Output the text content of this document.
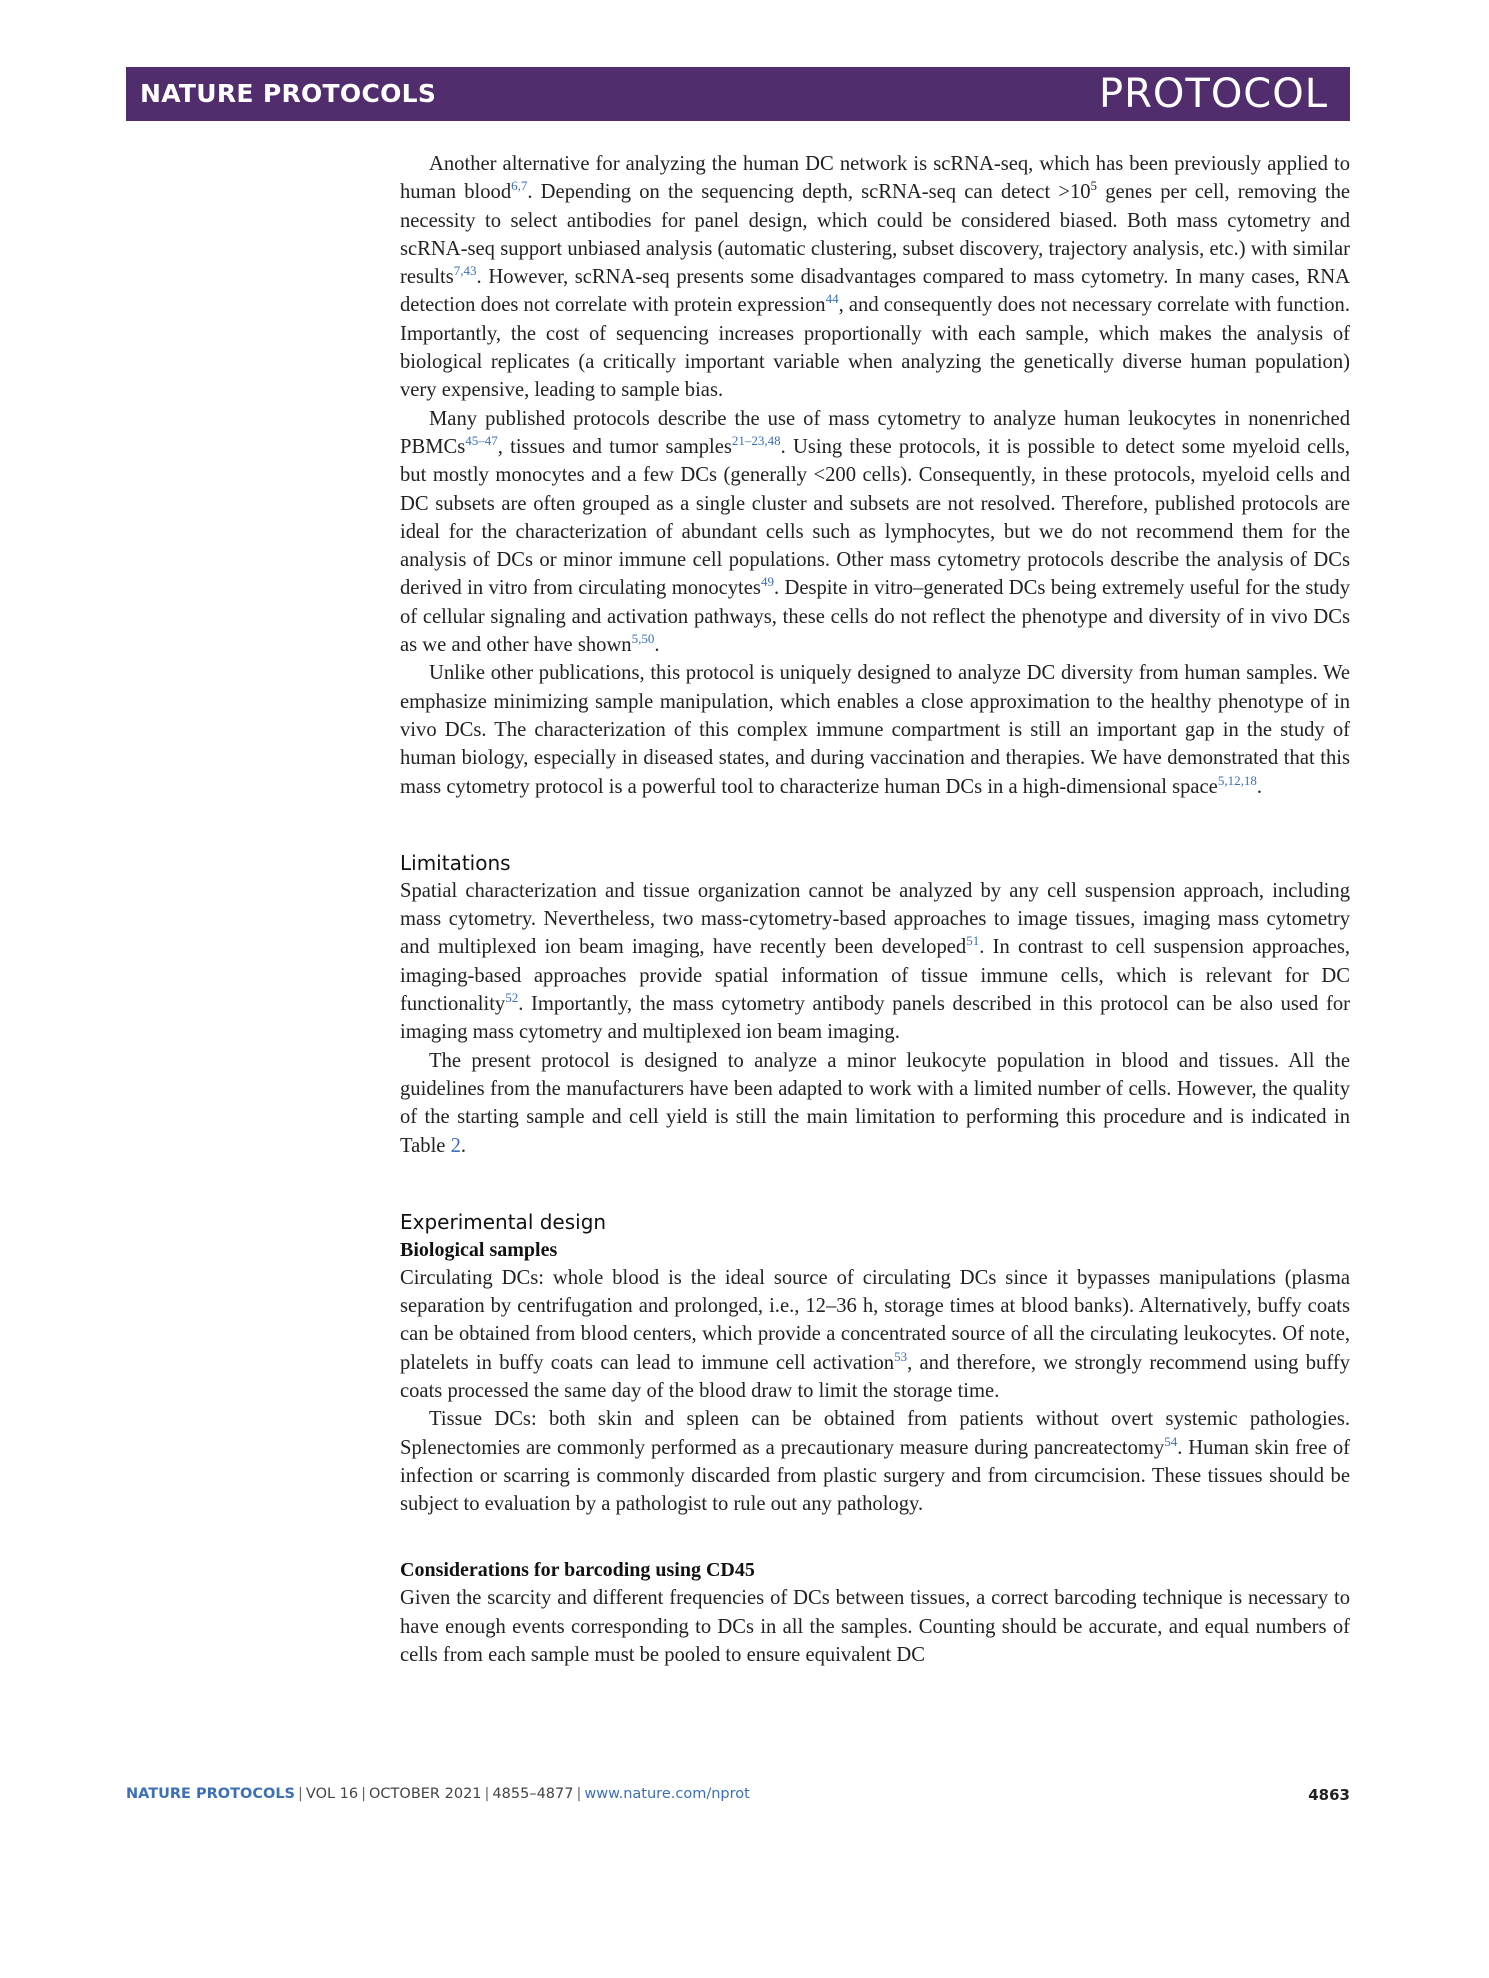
NATURE PROTOCOLS	PROTOCOL

Another alternative for analyzing the human DC network is scRNA-seq, which has been previously applied to human blood$^{6,7}$. Depending on the sequencing depth, scRNA-seq can detect $>10^5$ genes per cell, removing the necessity to select antibodies for panel design, which could be considered biased. Both mass cytometry and scRNA-seq support unbiased analysis (automatic clustering, subset discovery, trajectory analysis, etc.) with similar results$^{7,43}$. However, scRNA-seq presents some disadvantages compared to mass cytometry. In many cases, RNA detection does not correlate with protein expression$^{44}$, and consequently does not necessary correlate with function. Importantly, the cost of sequencing increases proportionally with each sample, which makes the analysis of biological replicates (a critically important variable when analyzing the genetically diverse human population) very expensive, leading to sample bias.

Many published protocols describe the use of mass cytometry to analyze human leukocytes in nonenriched PBMCs$^{45-47}$, tissues and tumor samples$^{21-23,48}$. Using these protocols, it is possible to detect some myeloid cells, but mostly monocytes and a few DCs (generally <200 cells). Consequently, in these protocols, myeloid cells and DC subsets are often grouped as a single cluster and subsets are not resolved. Therefore, published protocols are ideal for the characterization of abundant cells such as lymphocytes, but we do not recommend them for the analysis of DCs or minor immune cell populations. Other mass cytometry protocols describe the analysis of DCs derived in vitro from circulating monocytes$^{49}$. Despite in vitro–generated DCs being extremely useful for the study of cellular signaling and activation pathways, these cells do not reflect the phenotype and diversity of in vivo DCs as we and other have shown$^{5,50}$.

Unlike other publications, this protocol is uniquely designed to analyze DC diversity from human samples. We emphasize minimizing sample manipulation, which enables a close approximation to the healthy phenotype of in vivo DCs. The characterization of this complex immune compartment is still an important gap in the study of human biology, especially in diseased states, and during vaccination and therapies. We have demonstrated that this mass cytometry protocol is a powerful tool to characterize human DCs in a high-dimensional space$^{5,12,18}$.

Limitations

Spatial characterization and tissue organization cannot be analyzed by any cell suspension approach, including mass cytometry. Nevertheless, two mass-cytometry-based approaches to image tissues, imaging mass cytometry and multiplexed ion beam imaging, have recently been developed$^{51}$. In contrast to cell suspension approaches, imaging-based approaches provide spatial information of tissue immune cells, which is relevant for DC functionality$^{52}$. Importantly, the mass cytometry antibody panels described in this protocol can be also used for imaging mass cytometry and multiplexed ion beam imaging.

The present protocol is designed to analyze a minor leukocyte population in blood and tissues. All the guidelines from the manufacturers have been adapted to work with a limited number of cells. However, the quality of the starting sample and cell yield is still the main limitation to performing this procedure and is indicated in Table 2.

Experimental design
Biological samples

Circulating DCs: whole blood is the ideal source of circulating DCs since it bypasses manipulations (plasma separation by centrifugation and prolonged, i.e., 12–36 h, storage times at blood banks). Alternatively, buffy coats can be obtained from blood centers, which provide a concentrated source of all the circulating leukocytes. Of note, platelets in buffy coats can lead to immune cell activation$^{53}$, and therefore, we strongly recommend using buffy coats processed the same day of the blood draw to limit the storage time.

Tissue DCs: both skin and spleen can be obtained from patients without overt systemic pathologies. Splenectomies are commonly performed as a precautionary measure during pancreatectomy$^{54}$. Human skin free of infection or scarring is commonly discarded from plastic surgery and from circumcision. These tissues should be subject to evaluation by a pathologist to rule out any pathology.

Considerations for barcoding using CD45

Given the scarcity and different frequencies of DCs between tissues, a correct barcoding technique is necessary to have enough events corresponding to DCs in all the samples. Counting should be accurate, and equal numbers of cells from each sample must be pooled to ensure equivalent DC

NATURE PROTOCOLS | VOL 16 | OCTOBER 2021 | 4855–4877 | www.nature.com/nprot	4863
